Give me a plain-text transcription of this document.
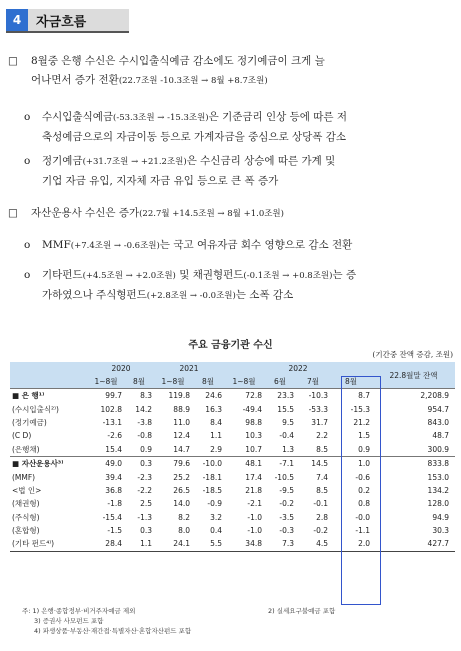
4	자금흐름
□ 8월중 은행 수신은 수시입출식예금 감소에도 정기예금이 크게 늘
어나면서 증가 전환(22.7조원 -10.3조원 → 8월 +8.7조원)
o 수시입출식예금(-53.3조원 → -15.3조원)은 기준금리 인상 등에 따른 저
축성예금으로의 자금이동 등으로 가계자금을 중심으로 상당폭 감소
o 정기예금(+31.7조원 → +21.2조원)은 수신금리 상승에 따른 가계 및
기업 자금 유입, 지자체 자금 유입 등으로 큰 폭 증가
□ 자산운용사 수신은 증가(22.7월 +14.5조원 → 8월 +1.0조원)
o MMF(+7.4조원 → -0.6조원)는 국고 여유자금 회수 영향으로 감소 전환
o 기타펀드(+4.5조원 → +2.0조원) 및 채권형펀드(-0.1조원 → +0.8조원)는 증
가하였으나 주식형펀드(+2.8조원 → -0.0조원)는 소폭 감소
주요 금융기관 수신
(기간중 잔액 증감, 조원)
	2020		2021		2022				22.8월말 잔액
	1~8월	8월	1~8월	8월	1~8월	6월	7월	8월	
■ 은 행¹⁾	99.7	8.3	119.8	24.6	72.8	23.3	-10.3	8.7	2,208.9
(수시입출식²⁾)	102.8	14.2	88.9	16.3	-49.4	15.5	-53.3	-15.3	954.7
(정기예금)	-13.1	-3.8	11.0	8.4	98.8	9.5	31.7	21.2	843.0
(C D)	-2.6	-0.8	12.4	1.1	10.3	-0.4	2.2	1.5	48.7
(은행채)	15.4	0.9	14.7	2.9	10.7	1.3	8.5	0.9	300.9
■ 자산운용사³⁾	49.0	0.3	79.6	-10.0	48.1	-7.1	14.5	1.0	833.8
(MMF)	39.4	-2.3	25.2	-18.1	17.4	-10.5	7.4	-0.6	153.0
<법 인>	36.8	-2.2	26.5	-18.5	21.8	-9.5	8.5	0.2	134.2
(채권형)	-1.8	2.5	14.0	-0.9	-2.1	-0.2	-0.1	0.8	128.0
(주식형)	-15.4	-1.3	8.2	3.2	-1.0	-3.5	2.8	-0.0	94.9
(혼합형)	-1.5	0.3	8.0	0.4	-1.0	-0.3	-0.2	-1.1	30.3
(기타 펀드⁴⁾)	28.4	1.1	24.1	5.5	34.8	7.3	4.5	2.0	427.7
주: 1) 은행·종합정부·비거주자예금 제외	2) 실세요구불예금 포함
3) 증권사 사모펀드 포함
4) 파생상품·부동산·재간접·특별자산·혼합자산펀드 포함
